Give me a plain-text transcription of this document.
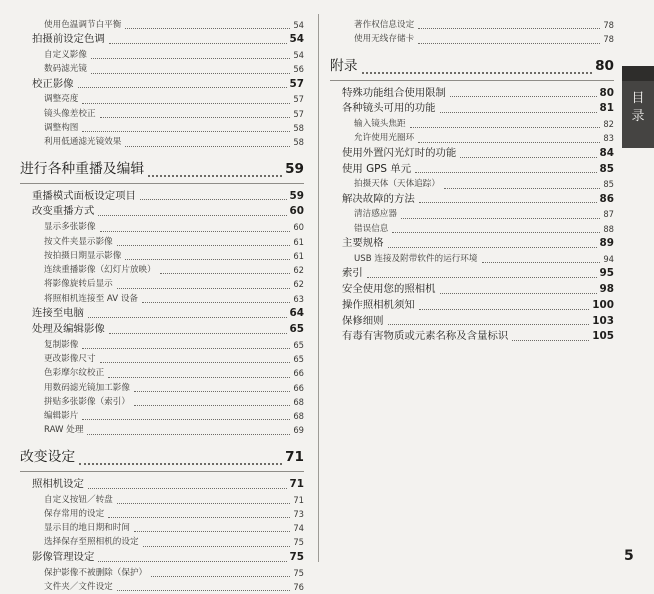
使用色温调节白平衡	54
拍摄前设定色调	54
自定义影像	54
数码滤光镜	56
校正影像	57
调整亮度	57
镜头像差校正	57
调整构图	58
利用低通滤光镜效果	58
进行各种重播及编辑	59
重播模式面板设定项目	59
改变重播方式	60
显示多张影像	60
按文件夹显示影像	61
按拍摄日期显示影像	61
连续重播影像（幻灯片放映）	62
将影像旋转后显示	62
将照相机连接至 AV 设备	63
连接至电脑	64
处理及编辑影像	65
复制影像	65
更改影像尺寸	65
色彩摩尔纹校正	66
用数码滤光镜加工影像	66
拼贴多张影像（索引）	68
编辑影片	68
RAW 处理	69
改变设定	71
照相机设定	71
自定义按钮／转盘	71
保存常用的设定	73
显示目的地日期和时间	74
选择保存至照相机的设定	75
影像管理设定	75
保护影像不被删除（保护）	75
文件夹／文件设定	76
著作权信息设定	78
使用无线存储卡	78
附录	80
特殊功能组合使用限制	80
各种镜头可用的功能	81
输入镜头焦距	82
允许使用光圈环	83
使用外置闪光灯时的功能	84
使用 GPS 单元	85
拍摄天体（天体追踪）	85
解决故障的方法	86
清洁感应器	87
错误信息	88
主要规格	89
USB 连接及附带软件的运行环境	94
索引	95
安全使用您的照相机	98
操作照相机须知	100
保修细则	103
有毒有害物质或元素名称及含量标识	105
目录
5
